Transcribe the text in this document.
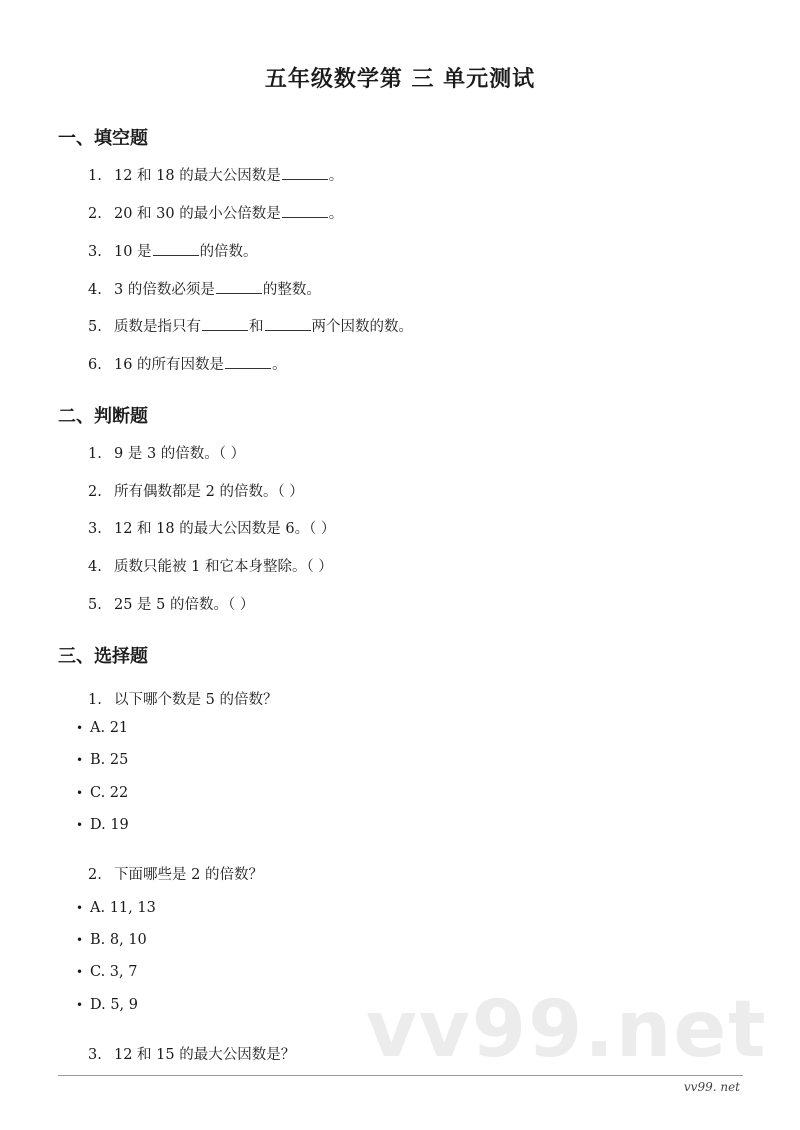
五年级数学第 三 单元测试
一、填空题
1. 12 和 18 的最大公因数是	。
2. 20 和 30 的最小公倍数是	。
3. 10 是	的倍数。
4. 3 的倍数必须是	的整数。
5. 质数是指只有	和	两个因数的数。
6. 16 的所有因数是	。
二、判断题
1. 9 是 3 的倍数。（ ）
2. 所有偶数都是 2 的倍数。（ ）
3. 12 和 18 的最大公因数是 6。（ ）
4. 质数只能被 1 和它本身整除。（ ）
5. 25 是 5 的倍数。（ ）
三、选择题
1. 以下哪个数是 5 的倍数？
• A. 21
• B. 25
• C. 22
• D. 19
2. 下面哪些是 2 的倍数？
• A. 11, 13
• B. 8, 10
• C. 3, 7
• D. 5, 9	vv99.net
3. 12 和 15 的最大公因数是？
vv99. net
